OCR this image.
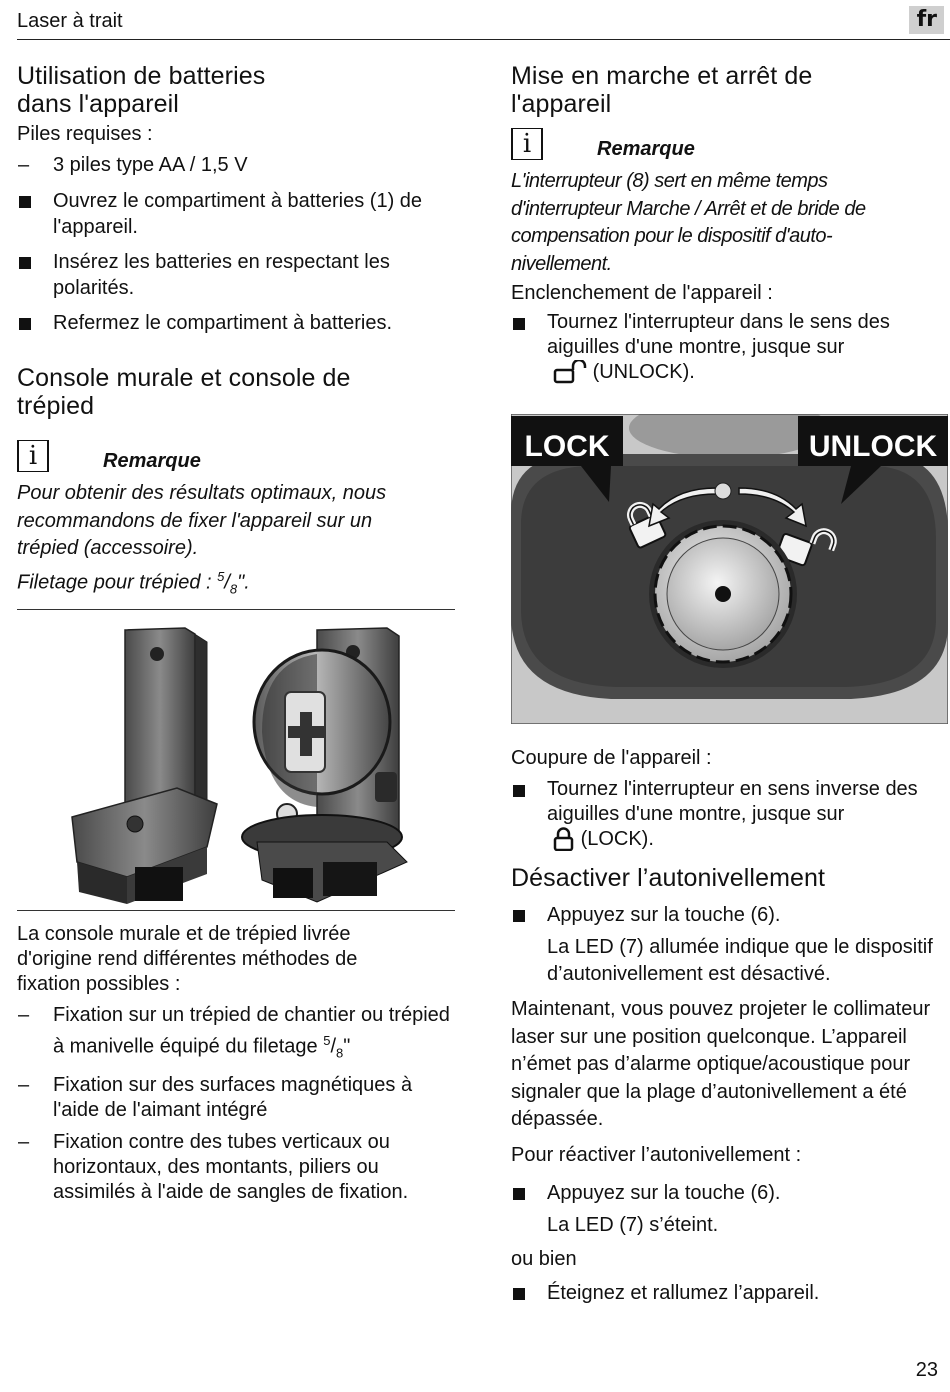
Laser à trait	fr
Utilisation de batteries dans l'appareil
Piles requises :
– 3 piles type AA / 1,5 V
Ouvrez le compartiment à batteries (1) de l'appareil.
Insérez les batteries en respectant les polarités.
Refermez le compartiment à batteries.
Console murale et console de trépied
i	Remarque
Pour obtenir des résultats optimaux, nous recommandons de fixer l'appareil sur un trépied (accessoire).
Filetage pour trépied : $^5/_8$".
La console murale et de trépied livrée d'origine rend différentes méthodes de fixation possibles :
– Fixation sur un trépied de chantier ou trépied à manivelle équipé du filetage $^5/_8$"
– Fixation sur des surfaces magnétiques à l'aide de l'aimant intégré
– Fixation contre des tubes verticaux ou horizontaux, des montants, piliers ou assimilés à l'aide de sangles de fixation.
Mise en marche et arrêt de l'appareil
i	Remarque
L'interrupteur (8) sert en même temps d'interrupteur Marche / Arrêt et de bride de compensation pour le dispositif d'auto-nivellement.
Enclenchement de l'appareil :
Tournez l'interrupteur dans le sens des aiguilles d'une montre, jusque sur
(UNLOCK).
LOCK	UNLOCK
Coupure de l'appareil :
Tournez l'interrupteur en sens inverse des aiguilles d'une montre, jusque sur
(LOCK).
Désactiver l’autonivellement
Appuyez sur la touche (6).
La LED (7) allumée indique que le dispositif d’autonivellement est désactivé.
Maintenant, vous pouvez projeter le collimateur laser sur une position quelconque. L’appareil n’émet pas d’alarme optique/acoustique pour signaler que la plage d’autonivellement a été dépassée.
Pour réactiver l’autonivellement :
Appuyez sur la touche (6).
La LED (7) s’éteint.
ou bien
Éteignez et rallumez l’appareil.
23
